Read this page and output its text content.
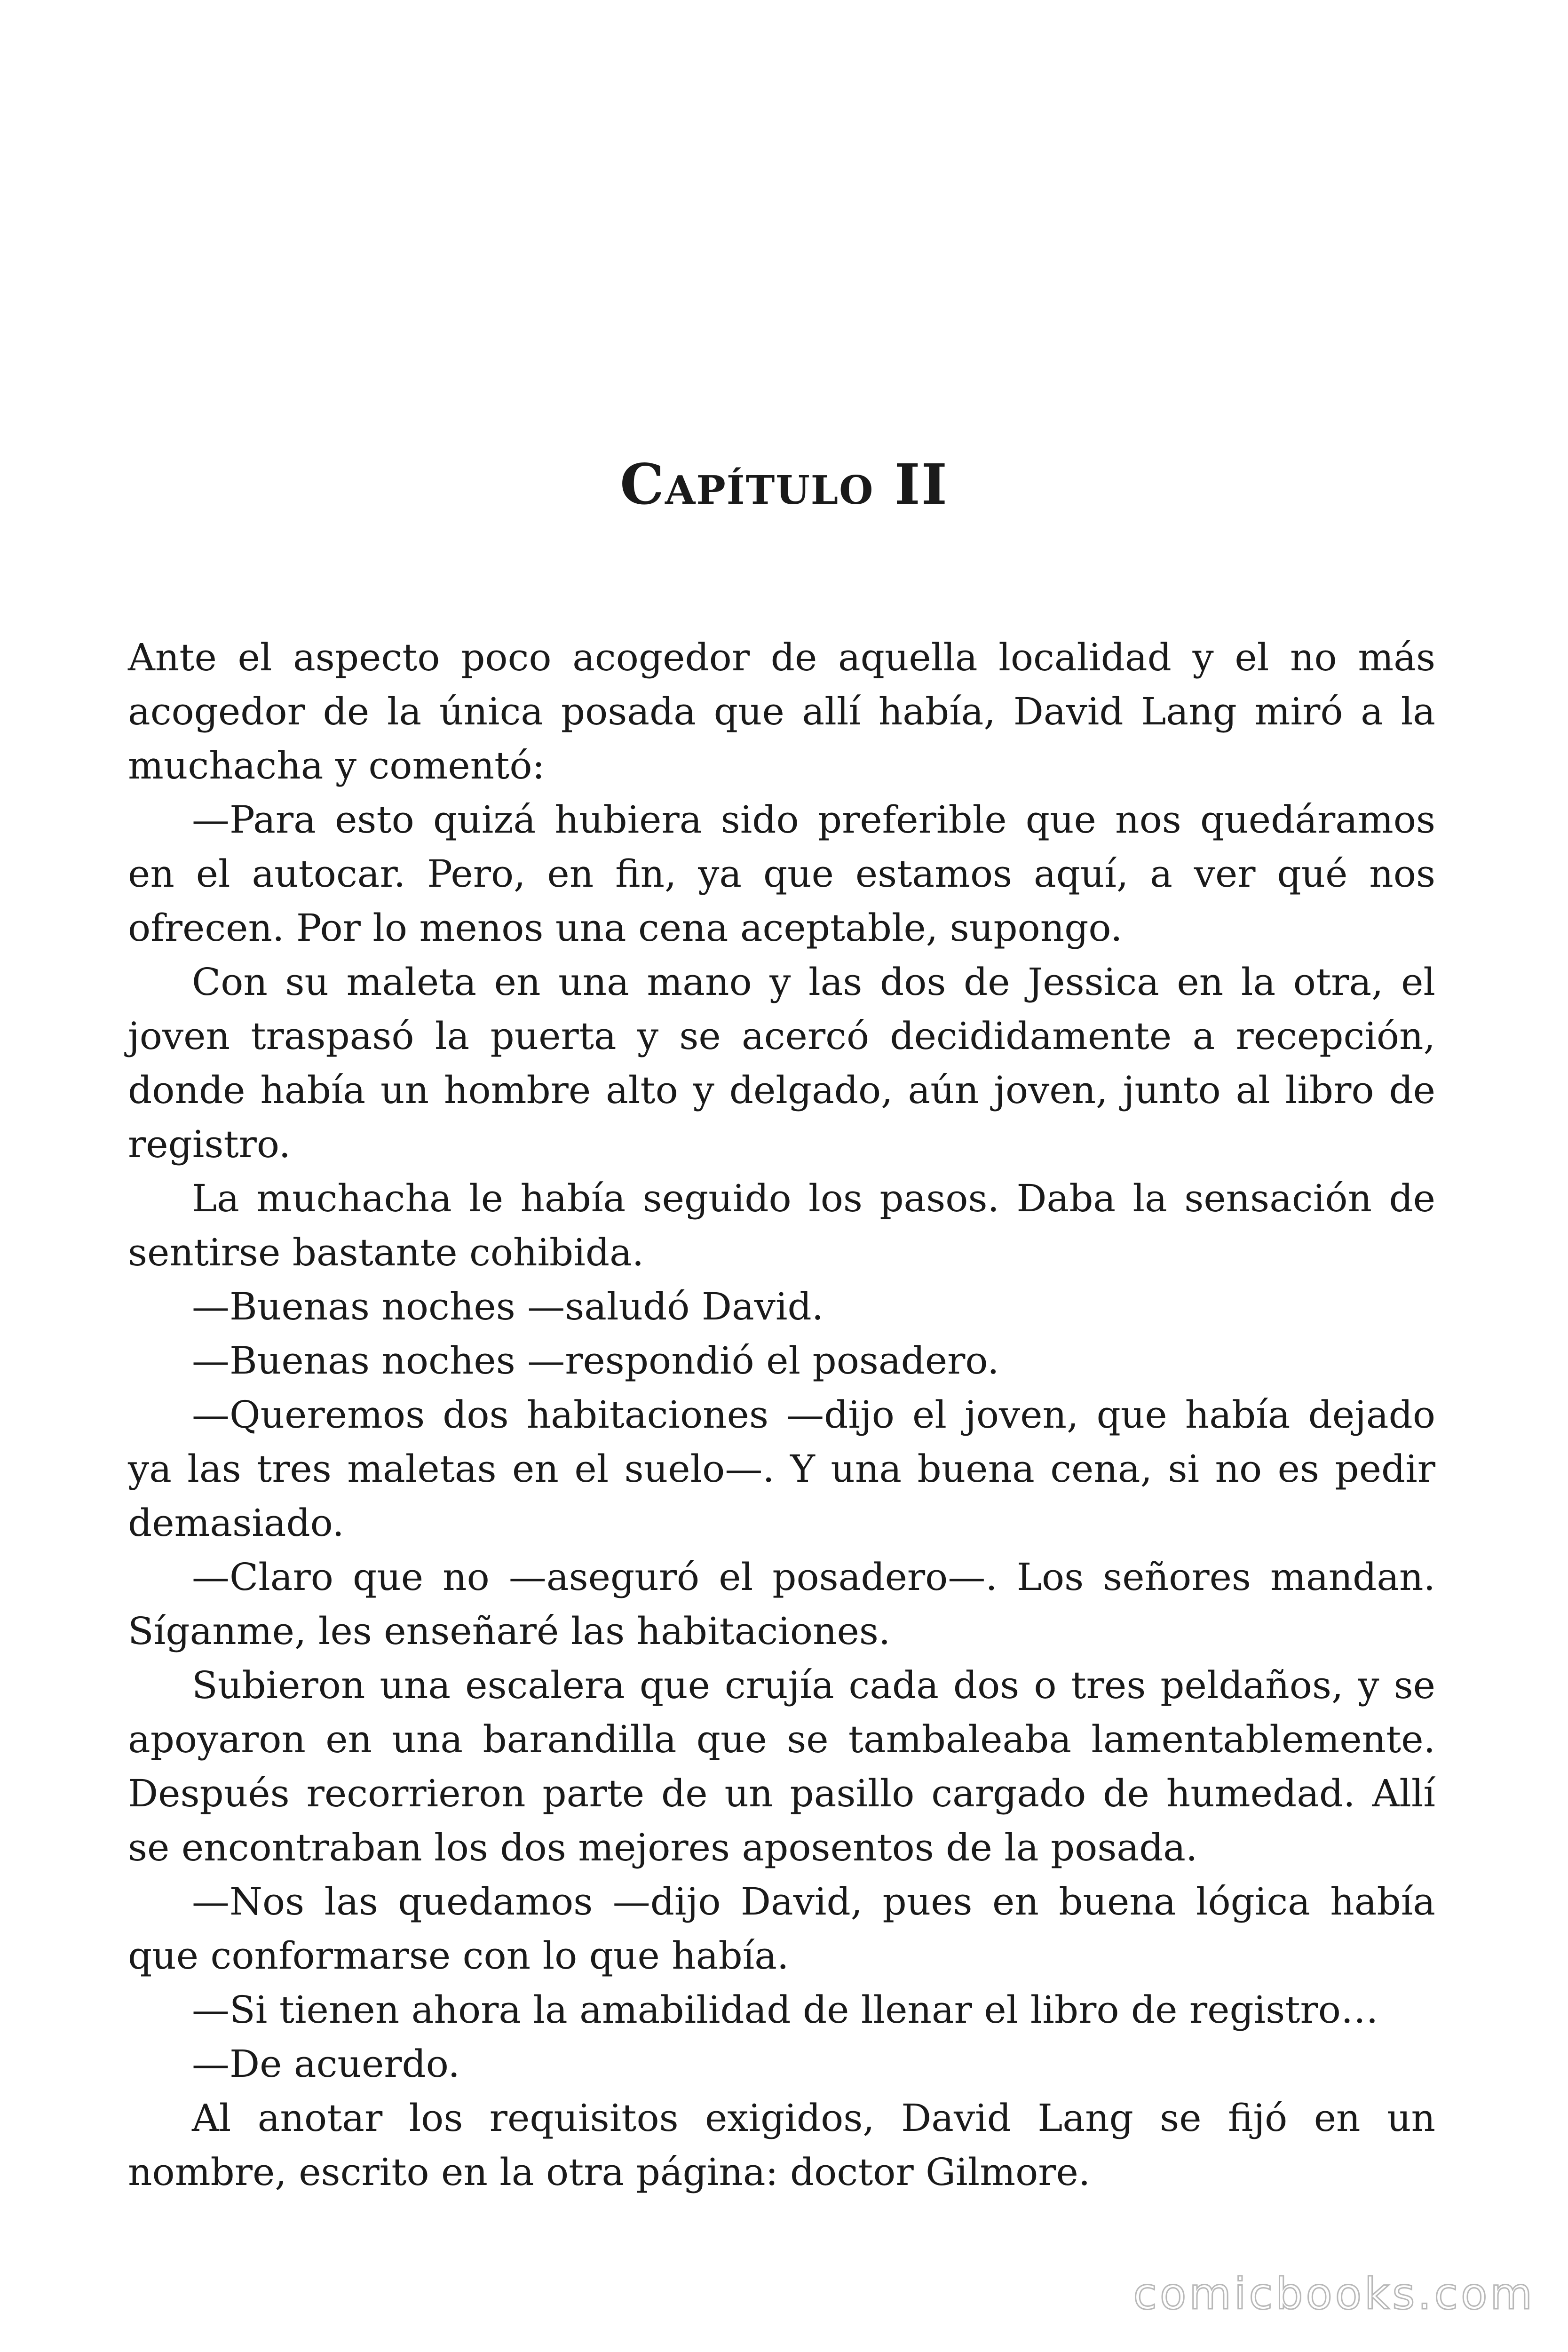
Capítulo II

Ante el aspecto poco acogedor de aquella localidad y el no más acogedor de la única posada que allí había, David Lang miró a la muchacha y comentó:

—Para esto quizá hubiera sido preferible que nos quedáramos en el autocar. Pero, en fin, ya que estamos aquí, a ver qué nos ofrecen. Por lo menos una cena aceptable, supongo.

Con su maleta en una mano y las dos de Jessica en la otra, el joven traspasó la puerta y se acercó decididamente a recepción, donde había un hombre alto y delgado, aún joven, junto al libro de registro.

La muchacha le había seguido los pasos. Daba la sensación de sentirse bastante cohibida.

—Buenas noches —saludó David.

—Buenas noches —respondió el posadero.

—Queremos dos habitaciones —dijo el joven, que había dejado ya las tres maletas en el suelo—. Y una buena cena, si no es pedir demasiado.

—Claro que no —aseguró el posadero—. Los señores mandan. Síganme, les enseñaré las habitaciones.

Subieron una escalera que crujía cada dos o tres peldaños, y se apoyaron en una barandilla que se tambaleaba lamentablemente. Después recorrieron parte de un pasillo cargado de humedad. Allí se encontraban los dos mejores aposentos de la posada.

—Nos las quedamos —dijo David, pues en buena lógica había que conformarse con lo que había.

—Si tienen ahora la amabilidad de llenar el libro de registro…

—De acuerdo.

Al anotar los requisitos exigidos, David Lang se fijó en un nombre, escrito en la otra página: doctor Gilmore.

comicbooks.com
